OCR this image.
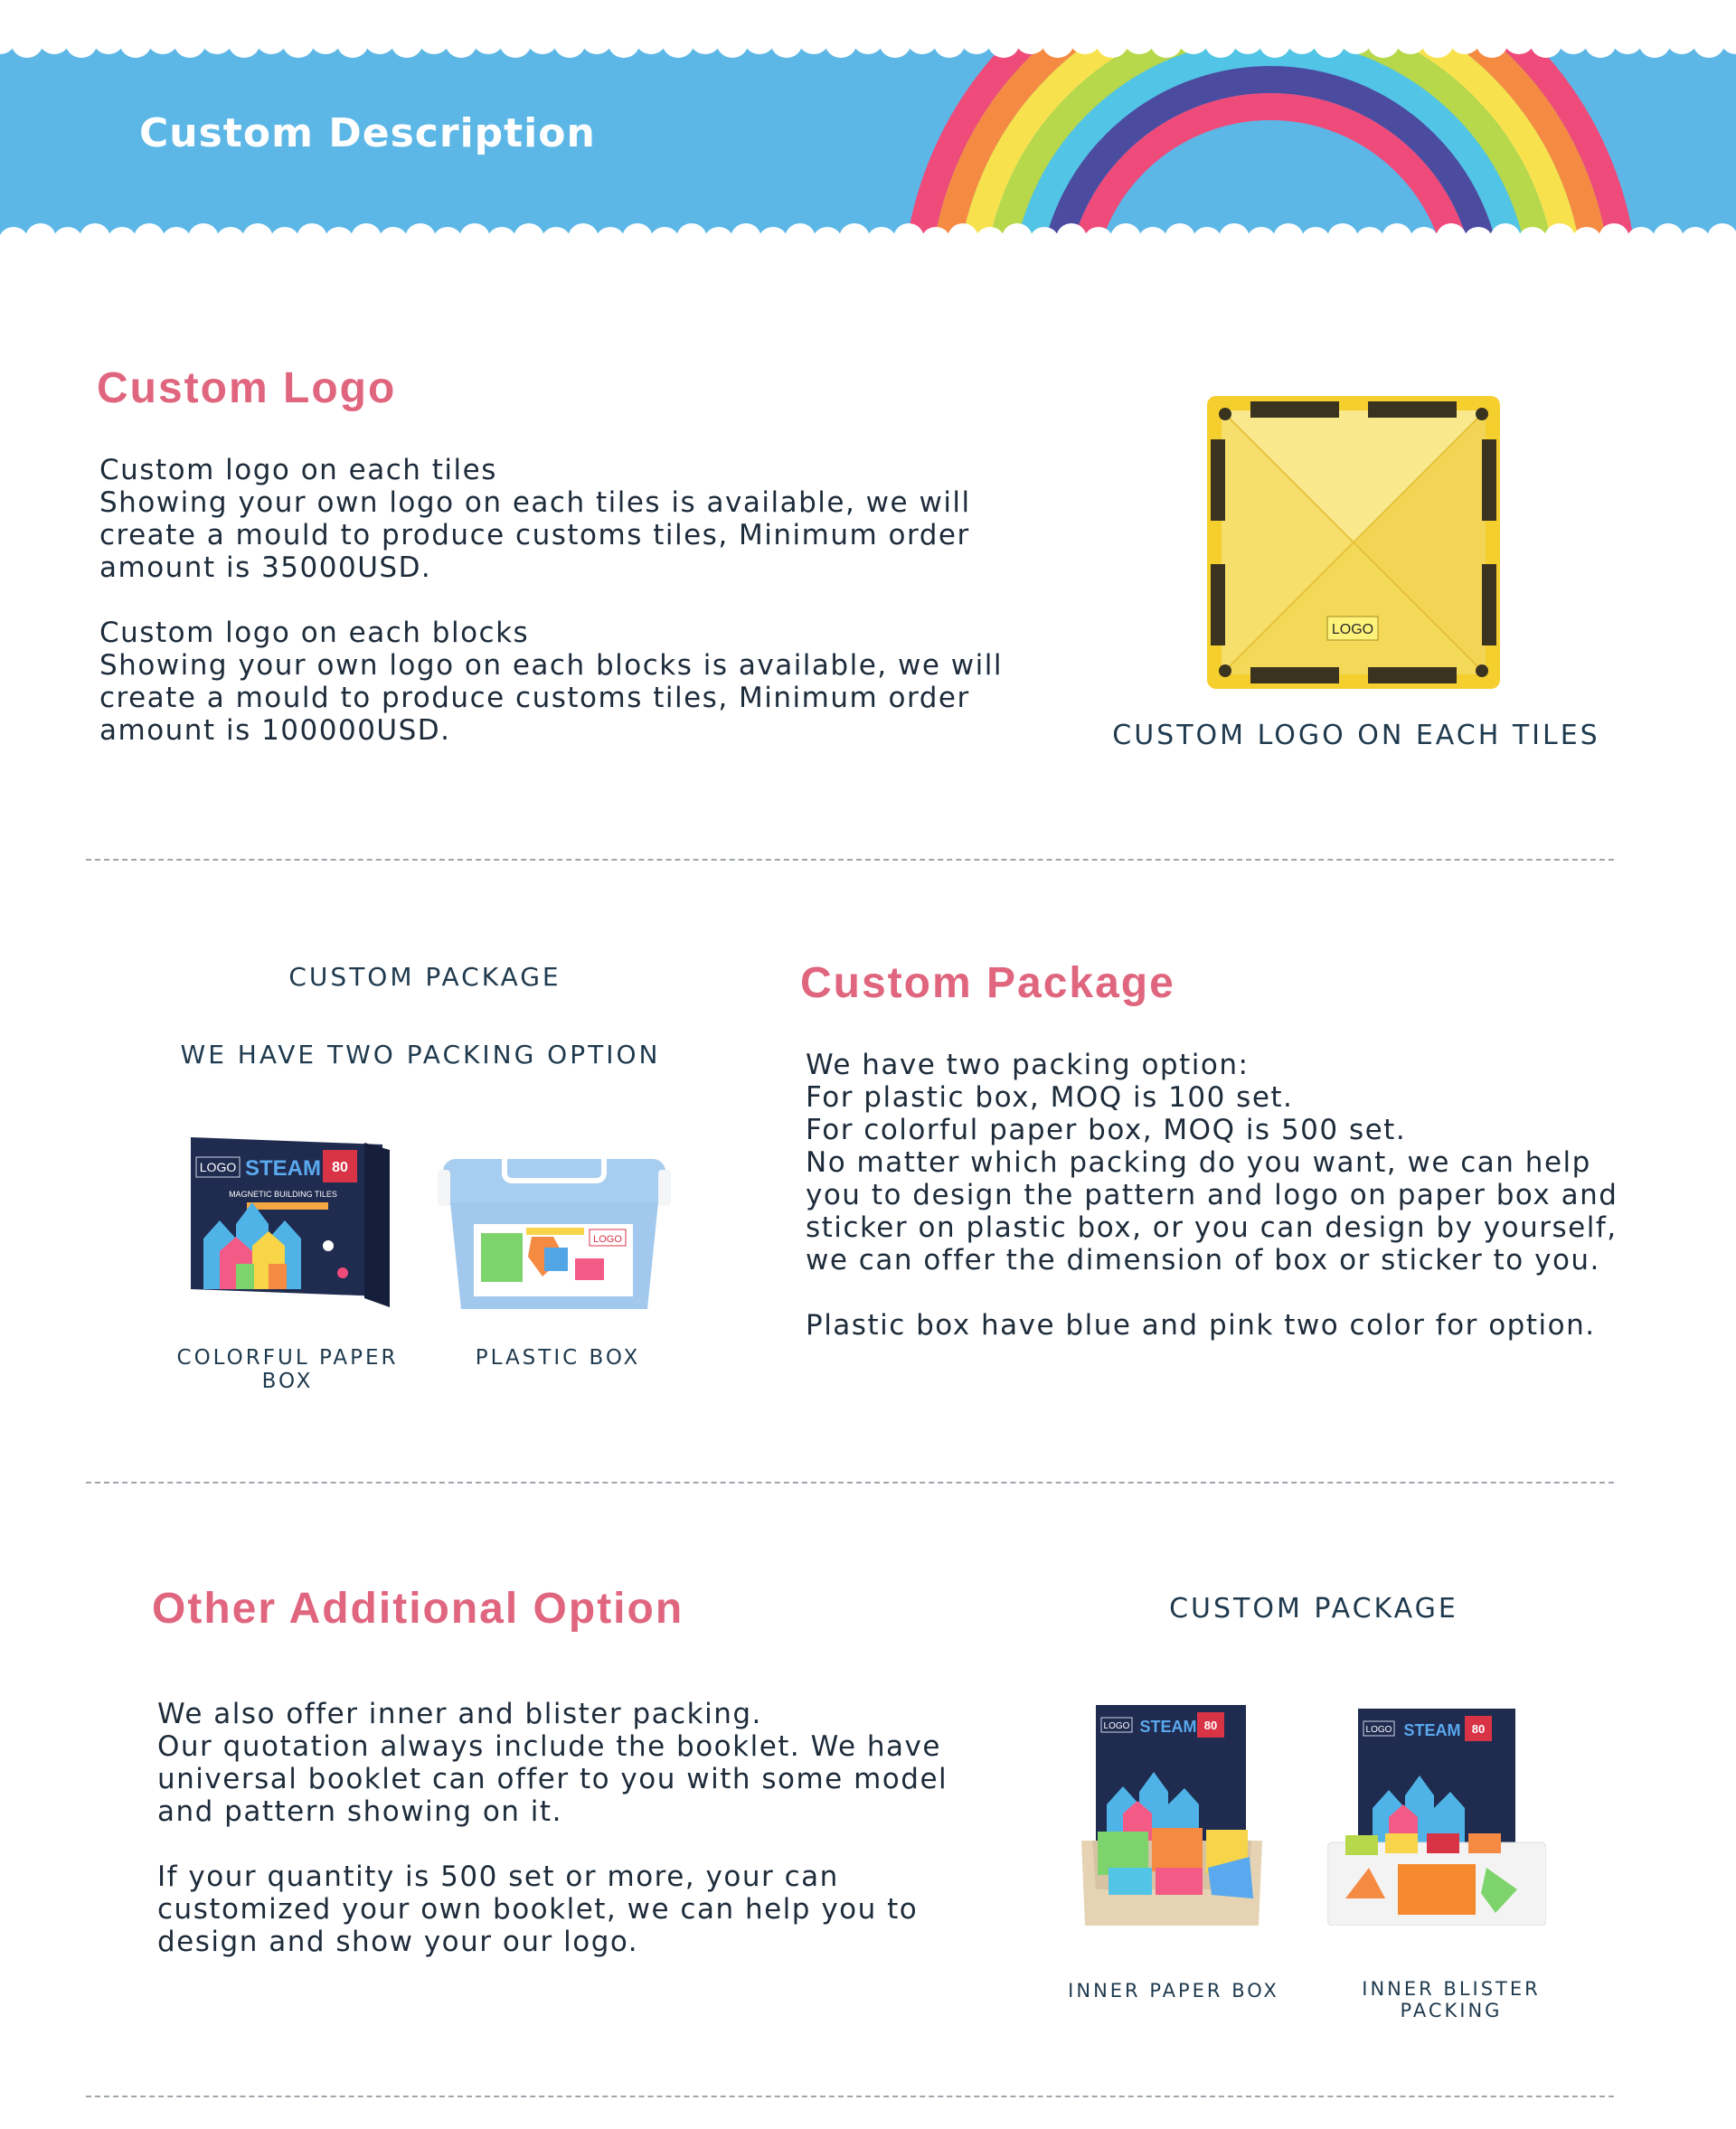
Custom Description
Custom Logo

Custom logo on each tiles

Showing your own logo on each tiles is available, we will

create a mould to produce customs tiles, Minimum order

amount is 35000USD.

Custom logo on each blocks

Showing your own logo on each blocks is available, we will

create a mould to produce customs tiles, Minimum order

amount is 100000USD.

LOGO
CUSTOM LOGO ON EACH TILES
CUSTOM PACKAGE
WE HAVE TWO PACKING OPTION
LOGO STEAM 80
MAGNETIC BUILDING TILES
LOGO
COLORFUL PAPER BOX
PLASTIC BOX
Custom Package

We have two packing option:

For plastic box, MOQ is 100 set.

For colorful paper box, MOQ is 500 set.

No matter which packing do you want, we can help

you to design the pattern and logo on paper box and

sticker on plastic box, or you can design by yourself,

we can offer the dimension of box or sticker to you.

Plastic box have blue and pink two color for option.

Other Additional Option

We also offer inner and blister packing.

Our quotation always include the booklet. We have

universal booklet can offer to you with some model

and pattern showing on it.

If your quantity is 500 set or more, your can

customized your own booklet, we can help you to

design and show your our logo.

CUSTOM PACKAGE
LOGO STEAM 80	LOGO STEAM 80
INNER PAPER BOX	INNER BLISTER PACKING
